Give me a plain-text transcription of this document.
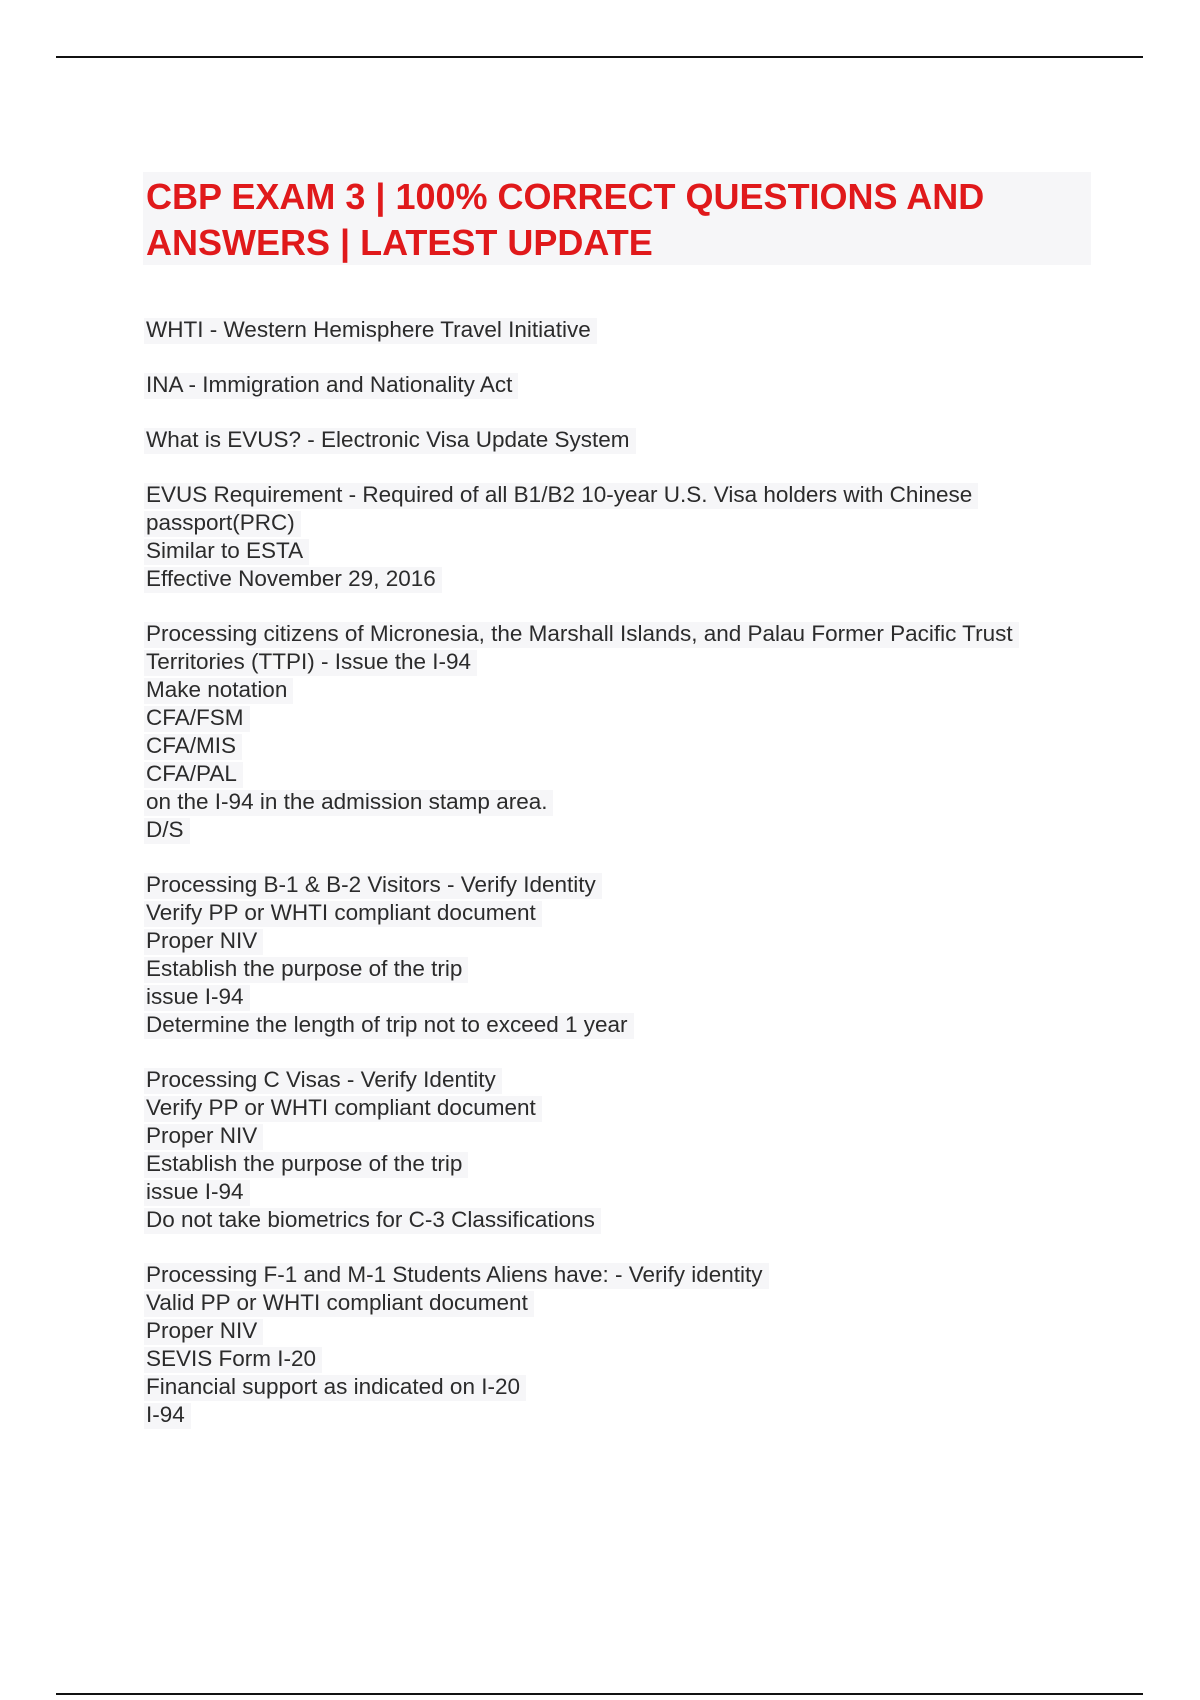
CBP EXAM 3 | 100% CORRECT QUESTIONS AND
ANSWERS | LATEST UPDATE
WHTI - Western Hemisphere Travel Initiative
INA - Immigration and Nationality Act
What is EVUS? - Electronic Visa Update System
EVUS Requirement - Required of all B1/B2 10-year U.S. Visa holders with Chinese
passport(PRC)
Similar to ESTA
Effective November 29, 2016
Processing citizens of Micronesia, the Marshall Islands, and Palau Former Pacific Trust
Territories (TTPI) - Issue the I-94
Make notation
CFA/FSM
CFA/MIS
CFA/PAL
on the I-94 in the admission stamp area.
D/S
Processing B-1 & B-2 Visitors - Verify Identity
Verify PP or WHTI compliant document
Proper NIV
Establish the purpose of the trip
issue I-94
Determine the length of trip not to exceed 1 year
Processing C Visas - Verify Identity
Verify PP or WHTI compliant document
Proper NIV
Establish the purpose of the trip
issue I-94
Do not take biometrics for C-3 Classifications
Processing F-1 and M-1 Students Aliens have: - Verify identity
Valid PP or WHTI compliant document
Proper NIV
SEVIS Form I-20
Financial support as indicated on I-20
I-94
